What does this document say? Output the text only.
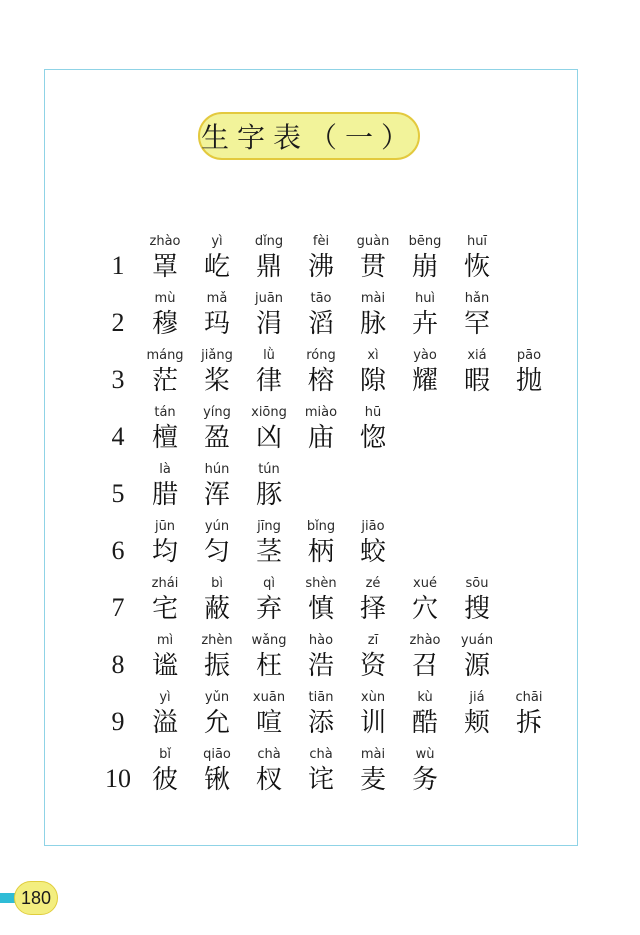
生字表（一）
1
zhào
罩
yì
屹
dǐng
鼎
fèi
沸
guàn
贯
bēng
崩
huī
恢
2
mù
穆
mǎ
玛
juān
涓
tāo
滔
mài
脉
huì
卉
hǎn
罕
3
máng
茫
jiǎng
桨
lǜ
律
róng
榕
xì
隙
yào
耀
xiá
暇
pāo
抛
4
tán
檀
yíng
盈
xiōng
凶
miào
庙
hū
惚
5
là
腊
hún
浑
tún
豚
6
jūn
均
yún
匀
jīng
茎
bǐng
柄
jiāo
蛟
7
zhái
宅
bì
蔽
qì
弃
shèn
慎
zé
择
xué
穴
sōu
搜
8
mì
谧
zhèn
振
wǎng
枉
hào
浩
zī
资
zhào
召
yuán
源
9
yì
溢
yǔn
允
xuān
喧
tiān
添
xùn
训
kù
酷
jiá
颊
chāi
拆
10
bǐ
彼
qiāo
锹
chà
杈
chà
诧
mài
麦
wù
务
180
